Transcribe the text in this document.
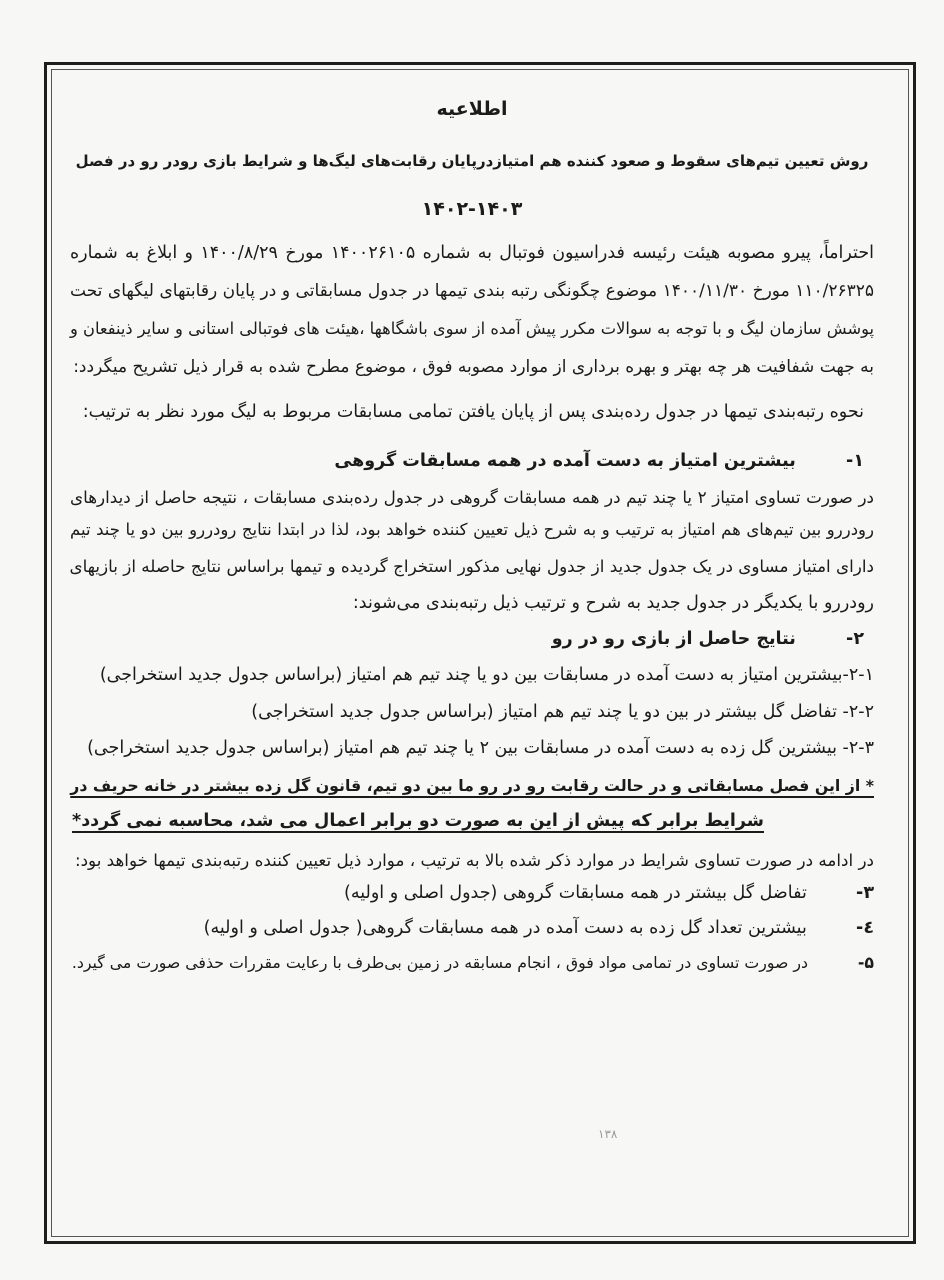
اطلاعیه
روش تعیین تیم‌های سقوط و صعود کننده هم امتیازدرپایان رقابت‌های لیگ‌ها و شرایط بازی رودر رو در فصل
۱۴۰۲-۱۴۰۳
احتراماً، پیرو مصوبه هیئت رئیسه فدراسیون فوتبال به شماره ۱۴۰۰۲۶۱۰۵ مورخ ۱۴۰۰/۸/۲۹ و ابلاغ به شماره
۱۱۰/۲۶۳۲۵ مورخ ۱۴۰۰/۱۱/۳۰ موضوع چگونگی رتبه بندی تیمها در جدول مسابقاتی و در پایان رقابتهای لیگهای تحت
پوشش سازمان لیگ و با توجه به سوالات مکرر پیش آمده از سوی باشگاهها ،هیئت های فوتبالی استانی و سایر ذینفعان و
به جهت شفافیت هر چه بهتر و بهره برداری از موارد مصوبه فوق ، موضوع مطرح شده به قرار ذیل تشریح میگردد:
نحوه رتبه‌بندی تیمها در جدول رده‌بندی پس از پایان یافتن تمامی مسابقات مربوط به لیگ مورد نظر به ترتیب:
۱-  بیشترین امتیاز به دست آمده در همه مسابقات گروهی
در صورت تساوی امتیاز ۲ یا چند تیم در همه مسابقات گروهی در جدول رده‌بندی مسابقات ، نتیجه حاصل از دیدارهای
رودررو بین تیم‌های هم امتیاز به ترتیب و به شرح ذیل تعیین کننده خواهد بود، لذا در ابتدا نتایج رودررو بین دو یا چند تیم
دارای امتیاز مساوی در یک جدول جدید از جدول نهایی مذکور استخراج گردیده و تیمها براساس نتایج حاصله از بازیهای
رودررو با یکدیگر در جدول جدید به شرح و ترتیب ذیل رتبه‌بندی می‌شوند:
۲-  نتایج حاصل از بازی رو در رو
۲-۱-بیشترین امتیاز به دست آمده در مسابقات بین دو یا چند تیم هم امتیاز (براساس جدول جدید استخراجی)
۲-۲- تفاضل گل بیشتر در بین دو یا چند تیم هم امتیاز (براساس جدول جدید استخراجی)
۲-۳- بیشترین گل زده به دست آمده در مسابقات بین ۲ یا چند تیم هم امتیاز (براساس جدول جدید استخراجی)
* از این فصل مسابقاتی و در حالت رقابت رو در رو ما بین دو تیم، قانون گل زده بیشتر در خانه حریف در
شرایط برابر که پیش از این به صورت دو برابر اعمال می شد، محاسبه نمی گردد*
در ادامه در صورت تساوی شرایط در موارد ذکر شده بالا به ترتیب ، موارد ذیل تعیین کننده رتبه‌بندی تیمها خواهد بود:
۳-  تفاضل گل بیشتر در همه مسابقات گروهی (جدول اصلی و اولیه)
٤-  بیشترین تعداد گل زده به دست آمده در همه مسابقات گروهی( جدول اصلی و اولیه)
۵-  در صورت تساوی در تمامی مواد فوق ، انجام مسابقه در زمین بی‌طرف با رعایت مقررات حذفی صورت می گیرد.
۱۳۸
